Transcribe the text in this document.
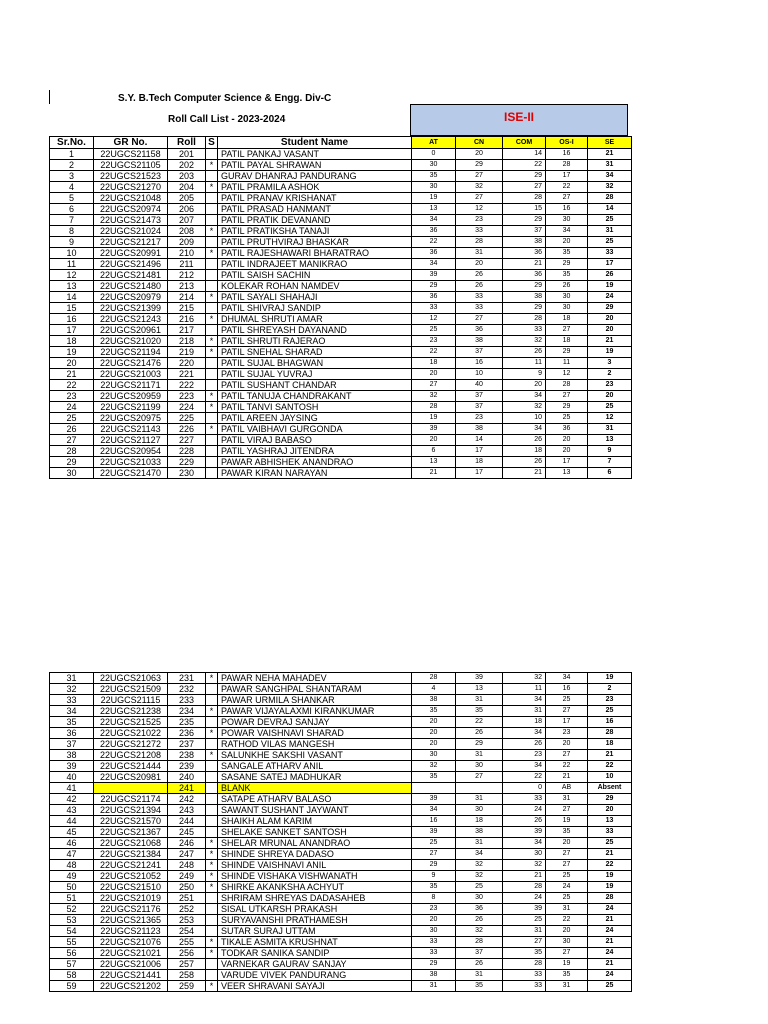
S.Y. B.Tech Computer Science & Engg. Div-C
Roll Call List - 2023-2024	ISE-II
Sr.No.	GR No.	Roll	S	Student Name	AT	CN	COM	OS-I	SE
1	22UGCS21158	201		PATIL PANKAJ VASANT	0	20	14	16	21
2	22UGCS21105	202	*	PATIL PAYAL SHRAWAN	30	29	22	28	31
3	22UGCS21523	203		GURAV DHANRAJ PANDURANG	35	27	29	17	34
4	22UGCS21270	204	*	PATIL PRAMILA ASHOK	30	32	27	22	32
5	22UGCS21048	205		PATIL PRANAV KRISHANAT	19	27	28	27	28
6	22UGCS20974	206		PATIL PRASAD HANMANT	13	12	15	16	14
7	22UGCS21473	207		PATIL PRATIK DEVANAND	34	23	29	30	25
8	22UGCS21024	208	*	PATIL PRATIKSHA TANAJI	36	33	37	34	31
9	22UGCS21217	209		PATIL PRUTHVIRAJ BHASKAR	22	28	38	20	25
10	22UGCS20991	210	*	PATIL RAJESHAWARI BHARATRAO	36	31	36	35	33
11	22UGCS21496	211		PATIL INDRAJEET MANIKRAO	34	20	21	29	17
12	22UGCS21481	212		PATIL SAISH SACHIN	39	26	36	35	26
13	22UGCS21480	213		KOLEKAR ROHAN NAMDEV	29	26	29	26	19
14	22UGCS20979	214	*	PATIL SAYALI SHAHAJI	36	33	38	30	24
15	22UGCS21399	215		PATIL SHIVRAJ SANDIP	33	33	29	30	29
16	22UGCS21243	216	*	DHUMAL SHRUTI AMAR	12	27	28	18	20
17	22UGCS20961	217		PATIL SHREYASH DAYANAND	25	36	33	27	20
18	22UGCS21020	218	*	PATIL SHRUTI RAJERAO	23	38	32	18	21
19	22UGCS21194	219	*	PATIL SNEHAL SHARAD	22	37	26	29	19
20	22UGCS21476	220		PATIL SUJAL BHAGWAN	18	16	11	11	3
21	22UGCS21003	221		PATIL SUJAL YUVRAJ	20	10	9	12	2
22	22UGCS21171	222		PATIL SUSHANT CHANDAR	27	40	20	28	23
23	22UGCS20959	223	*	PATIL TANUJA CHANDRAKANT	32	37	34	27	20
24	22UGCS21199	224	*	PATIL TANVI SANTOSH	28	37	32	29	25
25	22UGCS20975	225		PATIL AREEN JAYSING	19	23	10	25	12
26	22UGCS21143	226	*	PATIL VAIBHAVI GURGONDA	39	38	34	36	31
27	22UGCS21127	227		PATIL VIRAJ BABASO	20	14	26	20	13
28	22UGCS20954	228		PATIL YASHRAJ JITENDRA	6	17	18	20	9
29	22UGCS21033	229		PAWAR ABHISHEK ANANDRAO	13	18	26	17	7
30	22UGCS21470	230		PAWAR KIRAN NARAYAN	21	17	21	13	6
31	22UGCS21063	231	*	PAWAR NEHA MAHADEV	28	39	32	34	19
32	22UGCS21509	232		PAWAR SANGHPAL SHANTARAM	4	13	11	16	2
33	22UGCS21115	233		PAWAR URMILA SHANKAR	38	31	34	25	23
34	22UGCS21238	234	*	PAWAR VIJAYALAXMI KIRANKUMAR	35	35	31	27	25
35	22UGCS21525	235		POWAR DEVRAJ SANJAY	20	22	18	17	16
36	22UGCS21022	236	*	POWAR VAISHNAVI SHARAD	20	26	34	23	28
37	22UGCS21272	237		RATHOD VILAS MANGESH	20	29	26	20	18
38	22UGCS21208	238	*	SALUNKHE SAKSHI VASANT	30	31	23	27	21
39	22UGCS21444	239		SANGALE ATHARV ANIL	32	30	34	22	22
40	22UGCS20981	240		SASANE SATEJ MADHUKAR	35	27	22	21	10
41		241		BLANK			0	AB	Absent
42	22UGCS21174	242		SATAPE ATHARV BALASO	39	31	33	31	29
43	22UGCS21394	243		SAWANT SUSHANT JAYWANT	34	30	24	27	20
44	22UGCS21570	244		SHAIKH ALAM KARIM	16	18	26	19	13
45	22UGCS21367	245		SHELAKE SANKET SANTOSH	39	38	39	35	33
46	22UGCS21068	246	*	SHELAR MRUNAL ANANDRAO	25	31	34	20	25
47	22UGCS21384	247	*	SHINDE SHREYA DADASO	27	34	30	27	21
48	22UGCS21241	248	*	SHINDE VAISHNAVI ANIL	29	32	32	27	22
49	22UGCS21052	249	*	SHINDE VISHAKA VISHWANATH	9	32	21	25	19
50	22UGCS21510	250	*	SHIRKE AKANKSHA ACHYUT	35	25	28	24	19
51	22UGCS21019	251		SHRIRAM SHREYAS DADASAHEB	8	30	24	25	28
52	22UGCS21176	252		SISAL UTKARSH PRAKASH	23	36	39	31	24
53	22UGCS21365	253		SURYAVANSHI PRATHAMESH	20	26	25	22	21
54	22UGCS21123	254		SUTAR SURAJ UTTAM	30	32	31	20	24
55	22UGCS21076	255	*	TIKALE ASMITA KRUSHNAT	33	28	27	30	21
56	22UGCS21021	256	*	TODKAR SANIKA SANDIP	33	37	35	27	24
57	22UGCS21006	257		VARNEKAR GAURAV SANJAY	29	26	28	19	21
58	22UGCS21441	258		VARUDE VIVEK PANDURANG	38	31	33	35	24
59	22UGCS21202	259	*	VEER SHRAVANI SAYAJI	31	35	33	31	25
